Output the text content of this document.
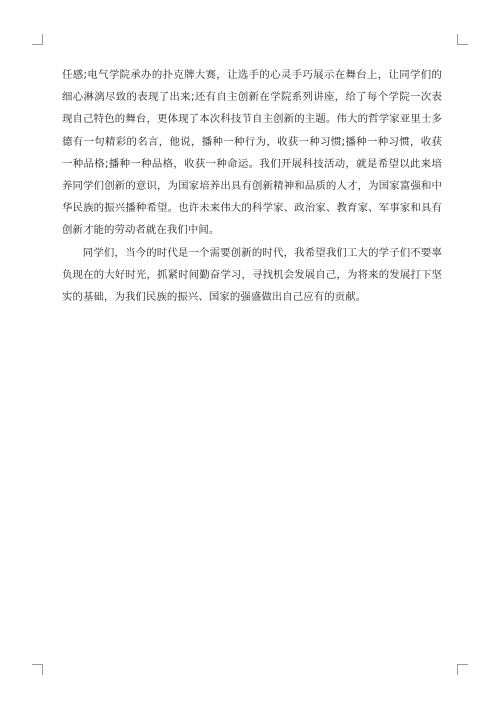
任感;电气学院承办的扑克牌大赛，让选手的心灵手巧展示在舞台上，让同学们的细心淋漓尽致的表现了出来;还有自主创新在学院系列讲座，给了每个学院一次表现自己特色的舞台，更体现了本次科技节自主创新的主题。伟大的哲学家亚里士多德有一句精彩的名言，他说，播种一种行为，收获一种习惯;播种一种习惯，收获一种品格;播种一种品格，收获一种命运。我们开展科技活动，就是希望以此来培养同学们创新的意识，为国家培养出具有创新精神和品质的人才，为国家富强和中华民族的振兴播种希望。也许未来伟大的科学家、政治家、教育家、军事家和具有创新才能的劳动者就在我们中间。

同学们，当今的时代是一个需要创新的时代，我希望我们工大的学子们不要辜负现在的大好时光，抓紧时间勤奋学习，寻找机会发展自己，为将来的发展打下坚实的基础，为我们民族的振兴、国家的强盛做出自己应有的贡献。
